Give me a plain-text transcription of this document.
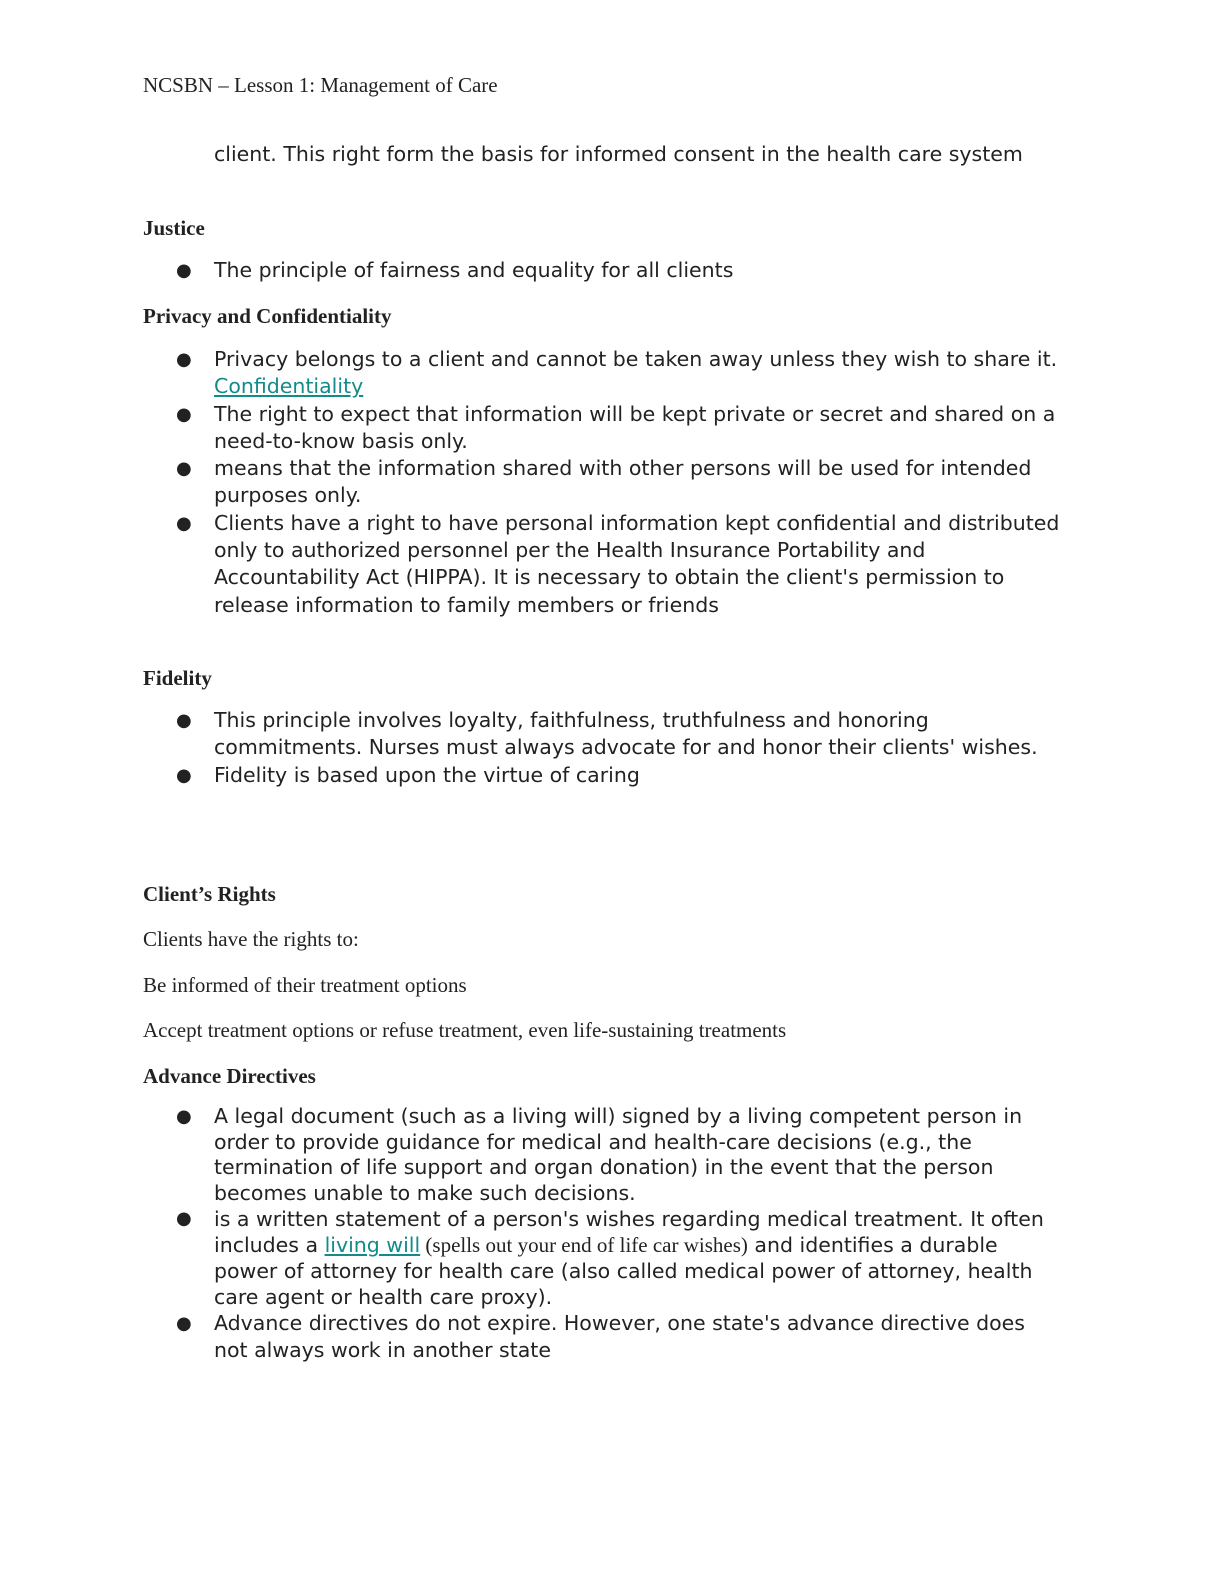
NCSBN – Lesson 1: Management of Care
client. This right form the basis for informed consent in the health care system
Justice
● The principle of fairness and equality for all clients
Privacy and Confidentiality
● Privacy belongs to a client and cannot be taken away unless they wish to share it.
Confidentiality
● The right to expect that information will be kept private or secret and shared on a need-to-know basis only.
● means that the information shared with other persons will be used for intended purposes only.
● Clients have a right to have personal information kept confidential and distributed only to authorized personnel per the Health Insurance Portability and Accountability Act (HIPPA). It is necessary to obtain the client's permission to release information to family members or friends
Fidelity
● This principle involves loyalty, faithfulness, truthfulness and honoring commitments. Nurses must always advocate for and honor their clients' wishes.
● Fidelity is based upon the virtue of caring
Client’s Rights
Clients have the rights to:
Be informed of their treatment options
Accept treatment options or refuse treatment, even life-sustaining treatments
Advance Directives
● A legal document (such as a living will) signed by a living competent person in order to provide guidance for medical and health-care decisions (e.g., the termination of life support and organ donation) in the event that the person becomes unable to make such decisions.
● is a written statement of a person's wishes regarding medical treatment. It often includes a living will (spells out your end of life car wishes) and identifies a durable power of attorney for health care (also called medical power of attorney, health care agent or health care proxy).
● Advance directives do not expire. However, one state's advance directive does not always work in another state
